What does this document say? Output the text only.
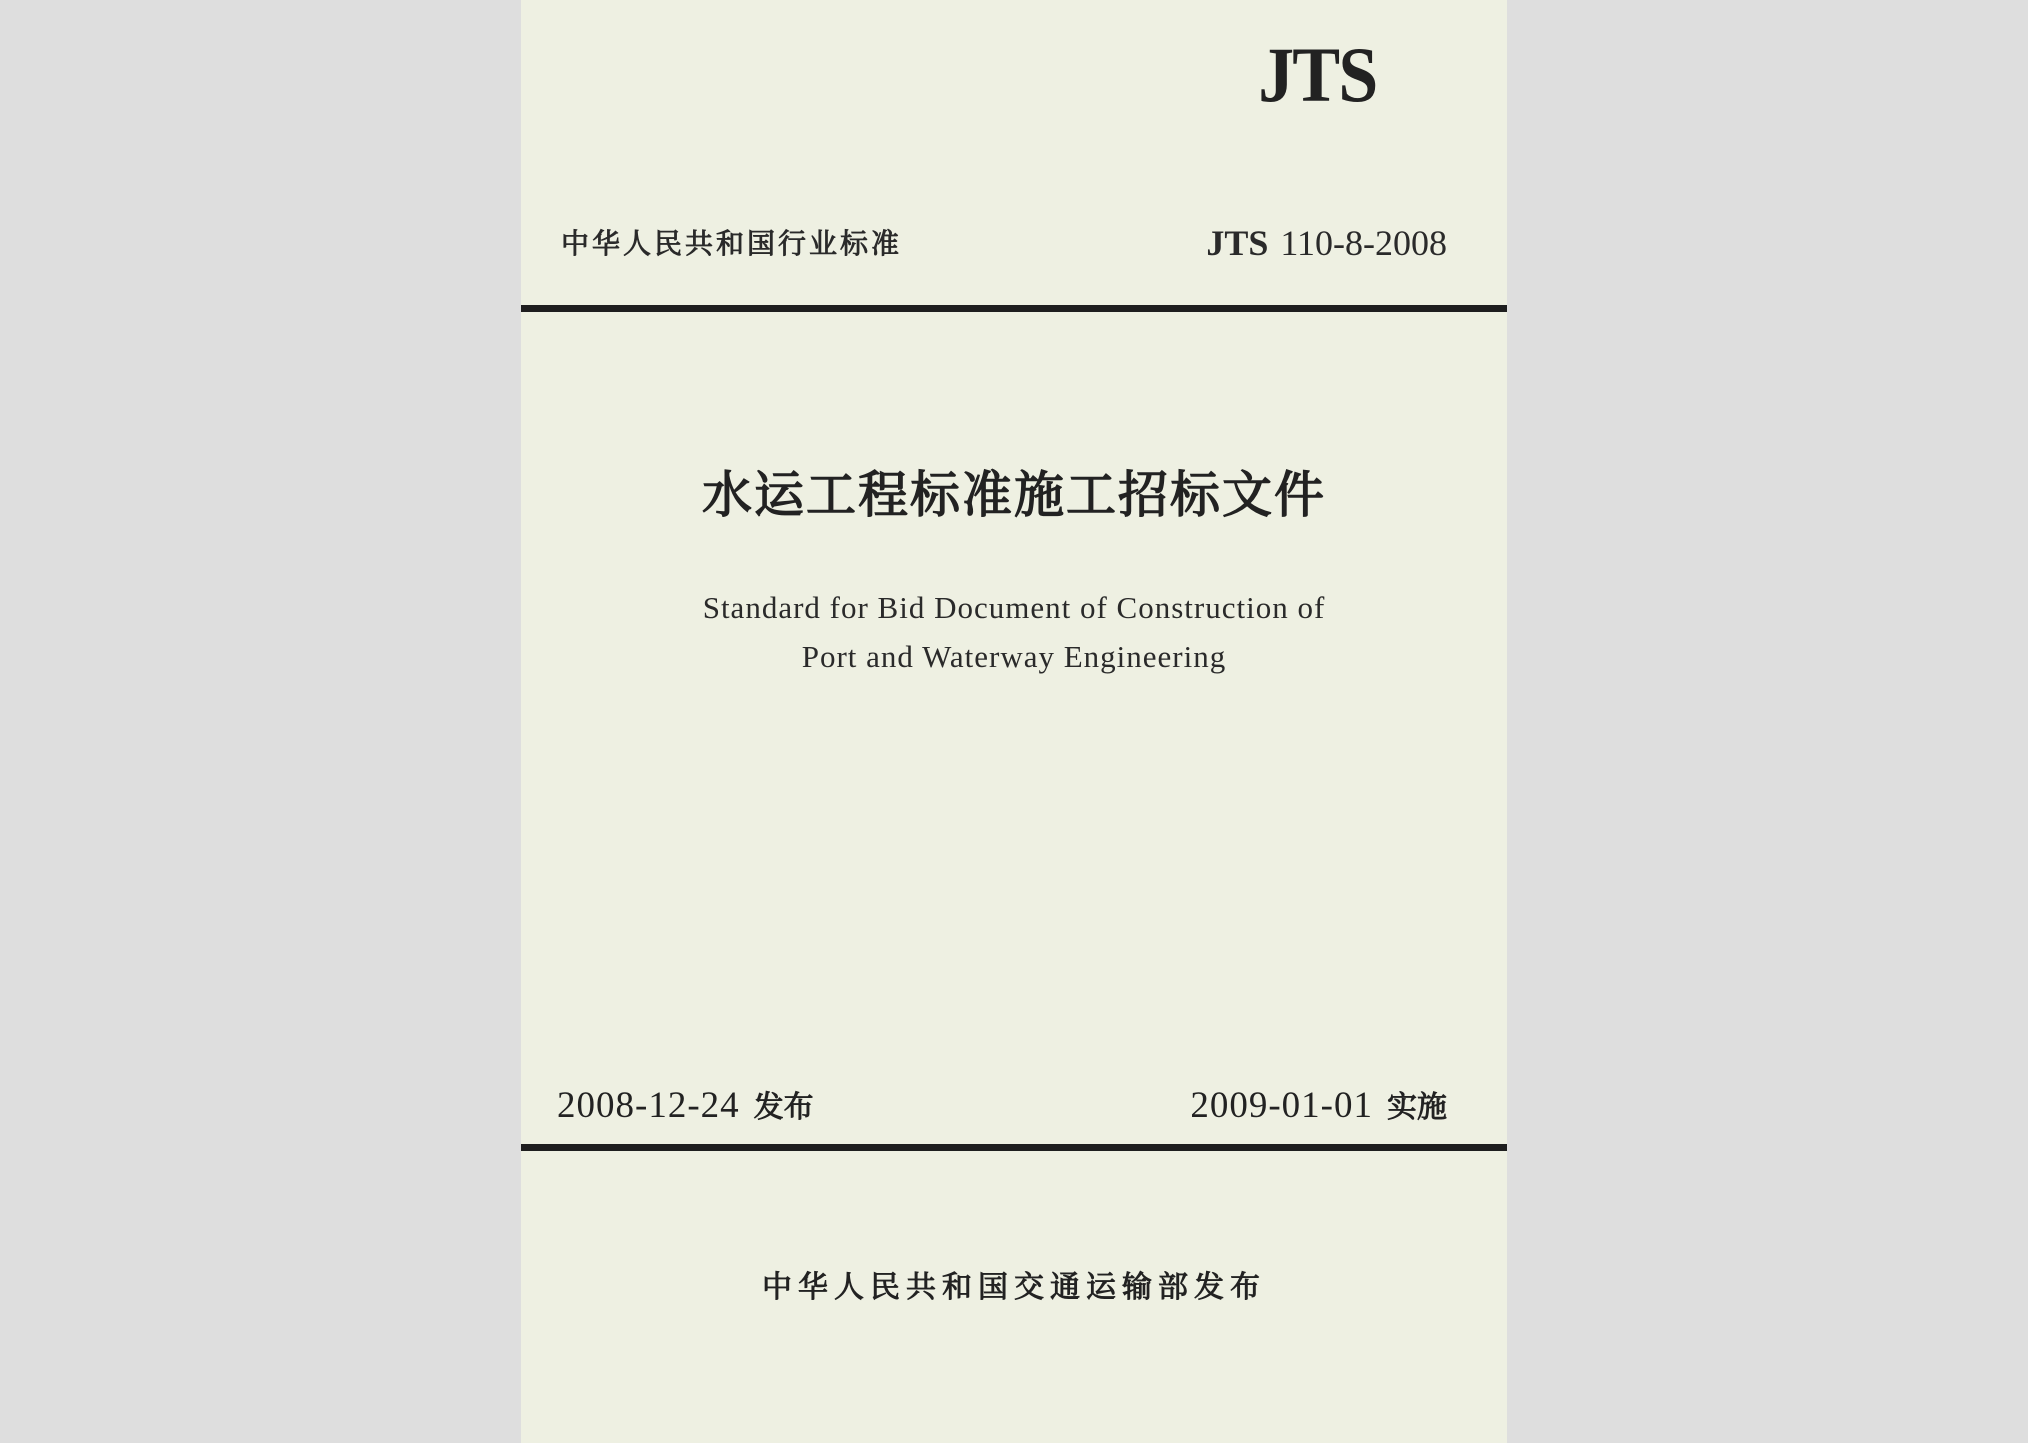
JTS
中华人民共和国行业标准	JTS 110-8-2008
水运工程标准施工招标文件
Standard for Bid Document of Construction of
Port and Waterway Engineering
2008-12-24 发布	2009-01-01 实施
中华人民共和国交通运输部发布
